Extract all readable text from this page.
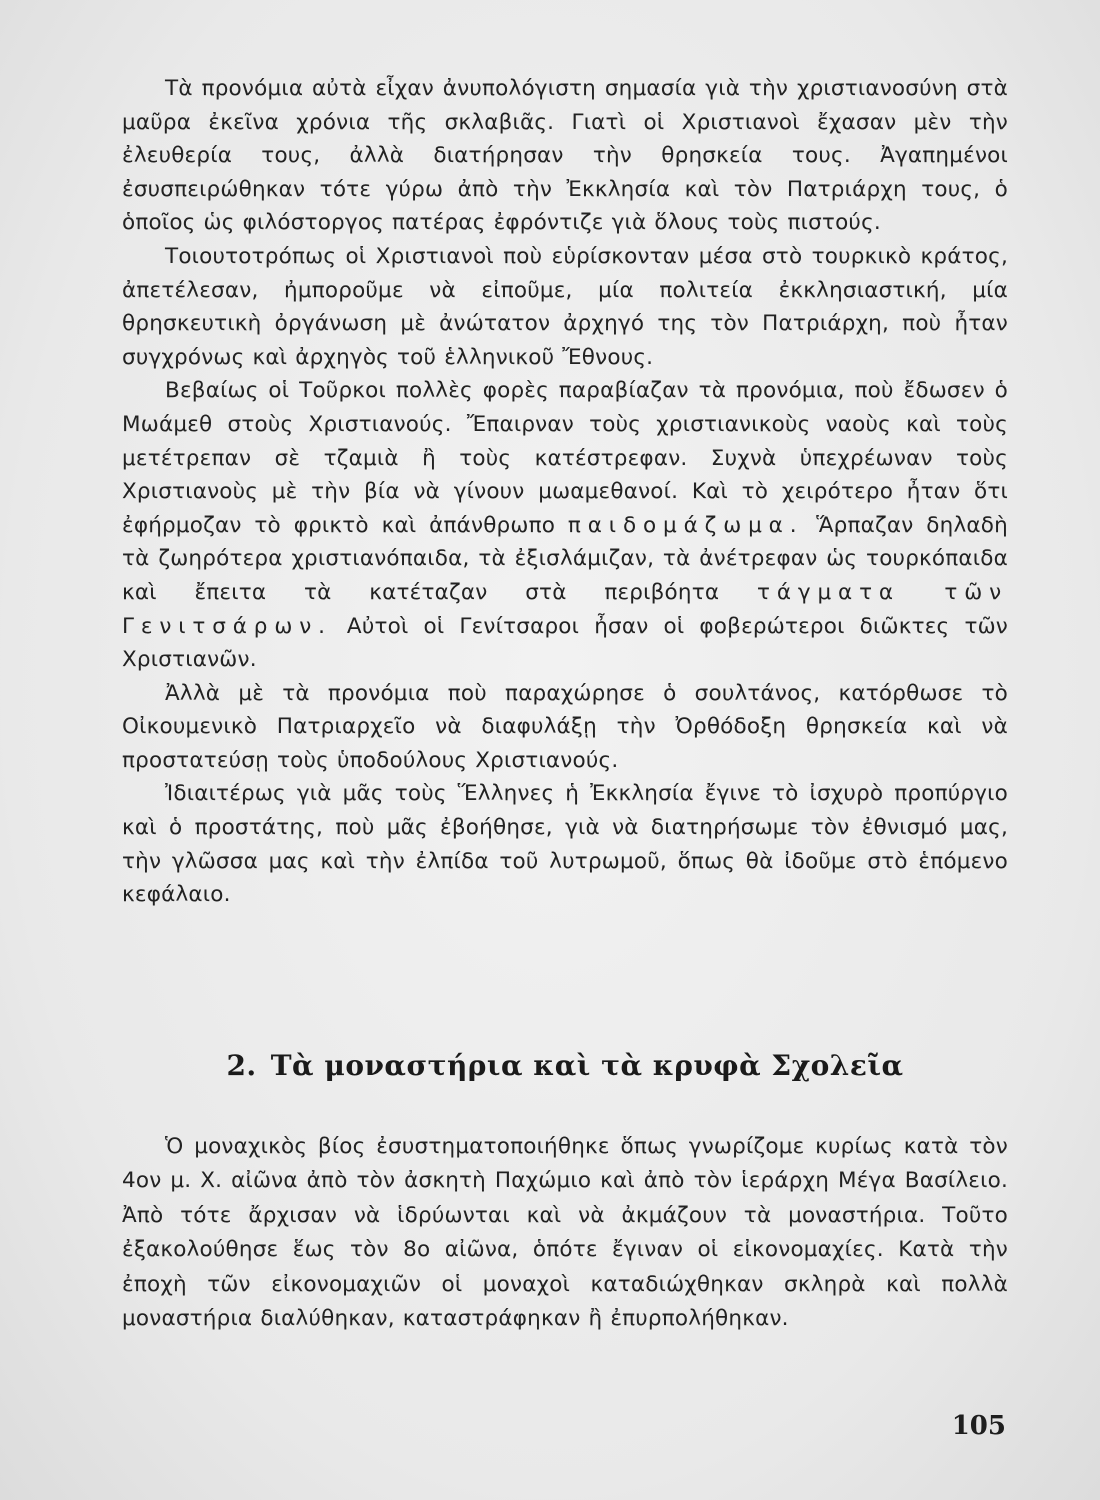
Τὰ προνόμια αὐτὰ εἶχαν ἀνυπολόγιστη σημασία γιὰ τὴν χριστιανοσύνη στὰ μαῦρα ἐκεῖνα χρόνια τῆς σκλαβιᾶς. Γιατὶ οἱ Χριστιανοὶ ἔχασαν μὲν τὴν ἐλευθερία τους, ἀλλὰ διατήρησαν τὴν θρησκεία τους. Ἀγαπημένοι ἐσυσπειρώθηκαν τότε γύρω ἀπὸ τὴν Ἐκκλησία καὶ τὸν Πατριάρχη τους, ὁ ὁποῖος ὡς φιλόστοργος πατέρας ἐφρόντιζε γιὰ ὅλους τοὺς πιστούς.

Τοιουτοτρόπως οἱ Χριστιανοὶ ποὺ εὑρίσκονταν μέσα στὸ τουρκικὸ κράτος, ἀπετέλεσαν, ἠμποροῦμε νὰ εἰποῦμε, μία πολιτεία ἐκκλησιαστική, μία θρησκευτικὴ ὀργάνωση μὲ ἀνώτατον ἀρχηγό της τὸν Πατριάρχη, ποὺ ἦταν συγχρόνως καὶ ἀρχηγὸς τοῦ ἑλληνικοῦ Ἔθνους.

Βεβαίως οἱ Τοῦρκοι πολλὲς φορὲς παραβίαζαν τὰ προνόμια, ποὺ ἔδωσεν ὁ Μωάμεθ στοὺς Χριστιανούς. Ἔπαιρναν τοὺς χριστιανικοὺς ναοὺς καὶ τοὺς μετέτρεπαν σὲ τζαμιὰ ἢ τοὺς κατέστρεφαν. Συχνὰ ὑπεχρέωναν τοὺς Χριστιανοὺς μὲ τὴν βία νὰ γίνουν μωαμεθανοί. Καὶ τὸ χειρότερο ἦταν ὅτι ἐφήρμοζαν τὸ φρικτὸ καὶ ἀπάνθρωπο παιδομάζωμα. Ἅρπαζαν δηλαδὴ τὰ ζωηρότερα χριστιανόπαιδα, τὰ ἐξισλάμιζαν, τὰ ἀνέτρεφαν ὡς τουρκόπαιδα καὶ ἔπειτα τὰ κατέταζαν στὰ περιβόητα τάγματα τῶν Γενιτσάρων. Αὐτοὶ οἱ Γενίτσαροι ἦσαν οἱ φοβερώτεροι διῶκτες τῶν Χριστιανῶν.

Ἀλλὰ μὲ τὰ προνόμια ποὺ παραχώρησε ὁ σουλτάνος, κατόρθωσε τὸ Οἰκουμενικὸ Πατριαρχεῖο νὰ διαφυλάξῃ τὴν Ὀρθόδοξη θρησκεία καὶ νὰ προστατεύσῃ τοὺς ὑποδούλους Χριστιανούς.

Ἰδιαιτέρως γιὰ μᾶς τοὺς Ἕλληνες ἡ Ἐκκλησία ἔγινε τὸ ἰσχυρὸ προπύργιο καὶ ὁ προστάτης, ποὺ μᾶς ἐβοήθησε, γιὰ νὰ διατηρήσωμε τὸν ἐθνισμό μας, τὴν γλῶσσα μας καὶ τὴν ἐλπίδα τοῦ λυτρωμοῦ, ὅπως θὰ ἰδοῦμε στὸ ἑπόμενο κεφάλαιο.

2. Τὰ μοναστήρια καὶ τὰ κρυφὰ Σχολεῖα

Ὁ μοναχικὸς βίος ἐσυστηματοποιήθηκε ὅπως γνωρίζομε κυρίως κατὰ τὸν 4ον μ. Χ. αἰῶνα ἀπὸ τὸν ἀσκητὴ Παχώμιο καὶ ἀπὸ τὸν ἱεράρχη Μέγα Βασίλειο. Ἀπὸ τότε ἄρχισαν νὰ ἱδρύωνται καὶ νὰ ἀκμάζουν τὰ μοναστήρια. Τοῦτο ἐξακολούθησε ἕως τὸν 8ο αἰῶνα, ὁπότε ἔγιναν οἱ εἰκονομαχίες. Κατὰ τὴν ἐποχὴ τῶν εἰκονομαχιῶν οἱ μοναχοὶ καταδιώχθηκαν σκληρὰ καὶ πολλὰ μοναστήρια διαλύθηκαν, καταστράφηκαν ἢ ἐπυρπολήθηκαν.

105
